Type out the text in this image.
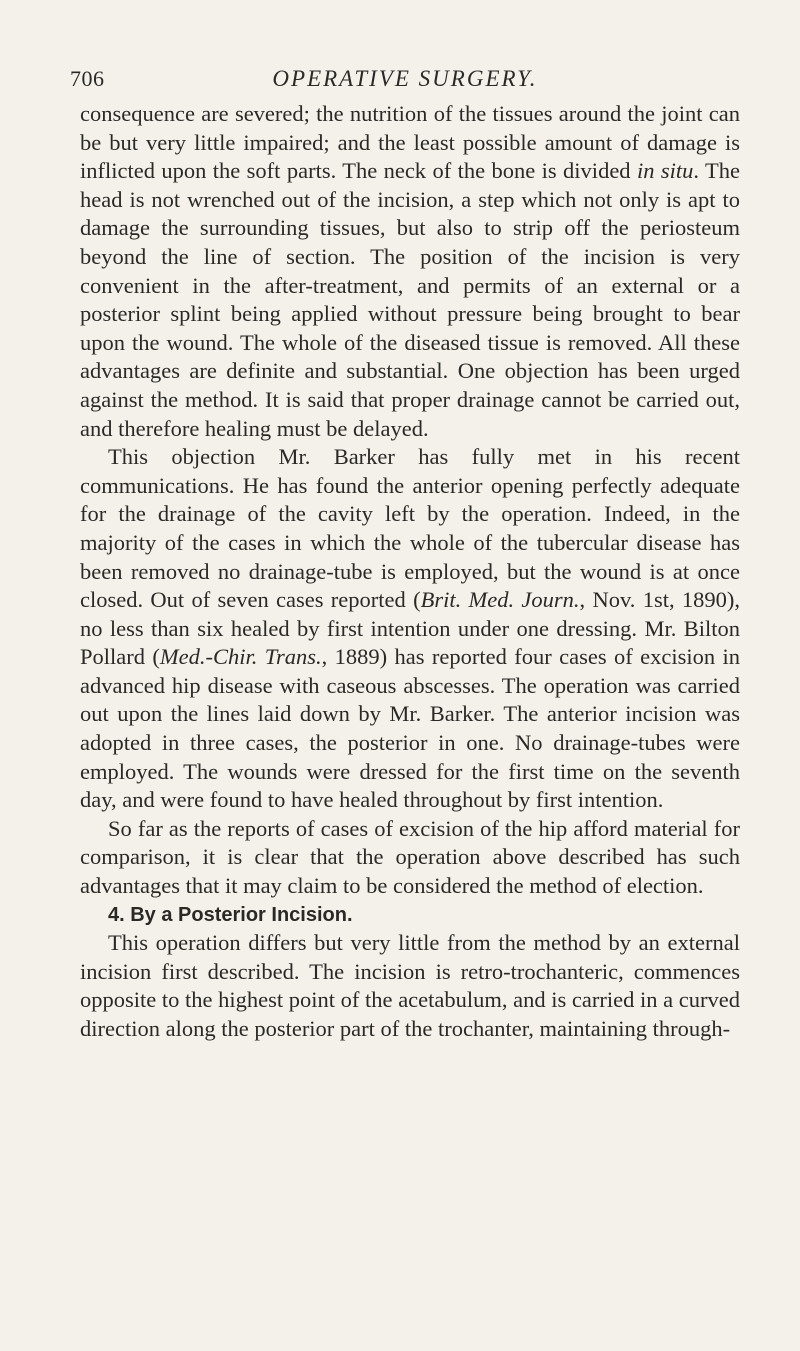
706	OPERATIVE SURGERY.

consequence are severed; the nutrition of the tissues around the joint can be but very little impaired; and the least possible amount of damage is inflicted upon the soft parts. The neck of the bone is divided in situ. The head is not wrenched out of the incision, a step which not only is apt to damage the surrounding tissues, but also to strip off the periosteum beyond the line of section. The position of the incision is very convenient in the after-treatment, and permits of an external or a posterior splint being applied without pressure being brought to bear upon the wound. The whole of the diseased tissue is removed. All these advantages are definite and substantial. One objection has been urged against the method. It is said that proper drainage cannot be carried out, and therefore healing must be delayed.

This objection Mr. Barker has fully met in his recent communications. He has found the anterior opening perfectly adequate for the drainage of the cavity left by the operation. Indeed, in the majority of the cases in which the whole of the tubercular disease has been removed no drainage-tube is employed, but the wound is at once closed. Out of seven cases reported (Brit. Med. Journ., Nov. 1st, 1890), no less than six healed by first intention under one dressing. Mr. Bilton Pollard (Med.-Chir. Trans., 1889) has reported four cases of excision in advanced hip disease with caseous abscesses. The operation was carried out upon the lines laid down by Mr. Barker. The anterior incision was adopted in three cases, the posterior in one. No drainage-tubes were employed. The wounds were dressed for the first time on the seventh day, and were found to have healed throughout by first intention.

So far as the reports of cases of excision of the hip afford material for comparison, it is clear that the operation above described has such advantages that it may claim to be considered the method of election.

4. By a Posterior Incision.

This operation differs but very little from the method by an external incision first described. The incision is retro-trochanteric, commences opposite to the highest point of the acetabulum, and is carried in a curved direction along the posterior part of the trochanter, maintaining through-
